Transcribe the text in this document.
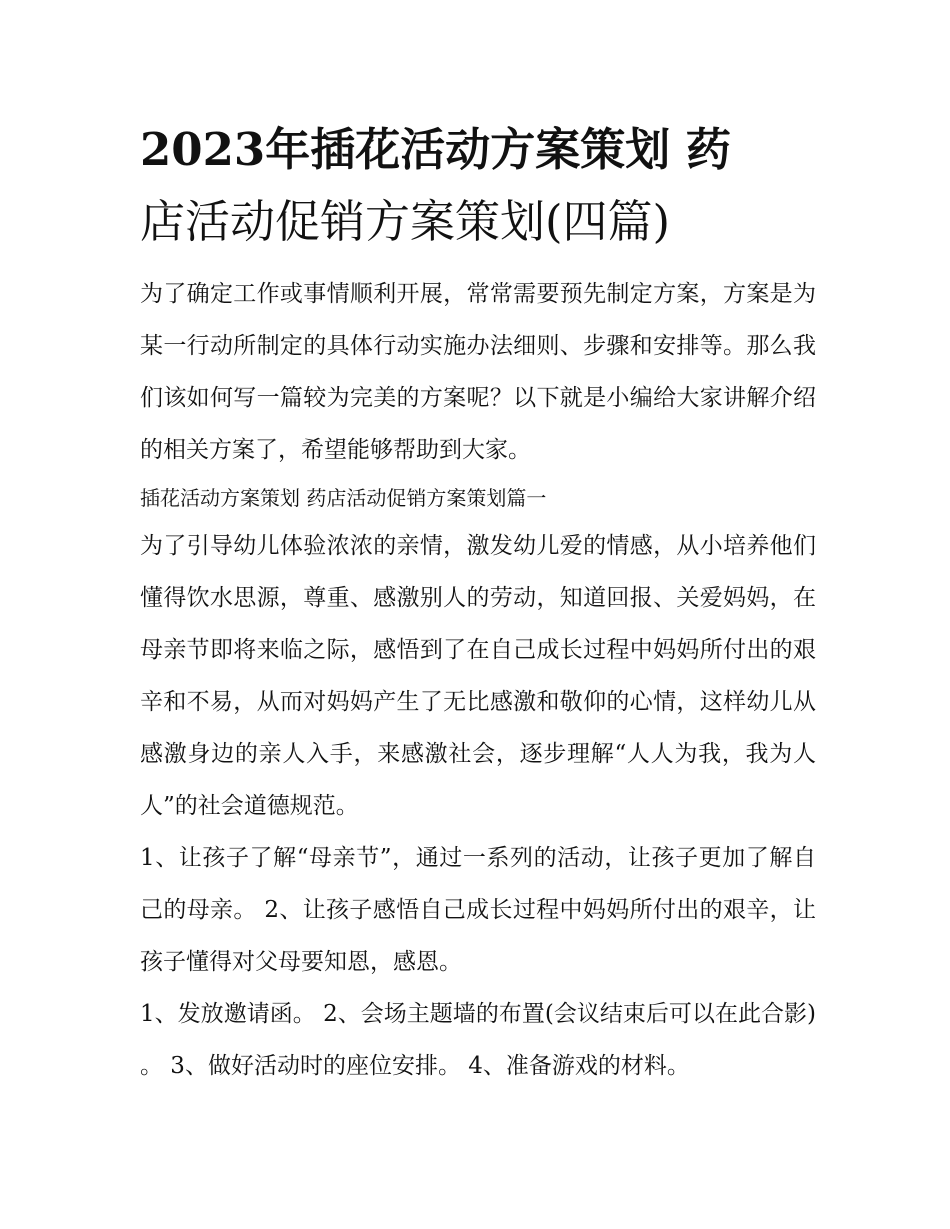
2023年插花活动方案策划 药
店活动促销方案策划(四篇)

为了确定工作或事情顺利开展，常常需要预先制定方案，方案是为某一行动所制定的具体行动实施办法细则、步骤和安排等。那么我们该如何写一篇较为完美的方案呢？以下就是小编给大家讲解介绍的相关方案了，希望能够帮助到大家。

插花活动方案策划 药店活动促销方案策划篇一

为了引导幼儿体验浓浓的亲情，激发幼儿爱的情感，从小培养他们懂得饮水思源，尊重、感激别人的劳动，知道回报、关爱妈妈，在母亲节即将来临之际，感悟到了在自己成长过程中妈妈所付出的艰辛和不易，从而对妈妈产生了无比感激和敬仰的心情，这样幼儿从感激身边的亲人入手，来感激社会，逐步理解“人人为我，我为人人”的社会道德规范。

1、让孩子了解“母亲节”，通过一系列的活动，让孩子更加了解自己的母亲。 2、让孩子感悟自己成长过程中妈妈所付出的艰辛，让孩子懂得对父母要知恩，感恩。

1、发放邀请函。 2、会场主题墙的布置(会议结束后可以在此合影) 。 3、做好活动时的座位安排。 4、准备游戏的材料。
